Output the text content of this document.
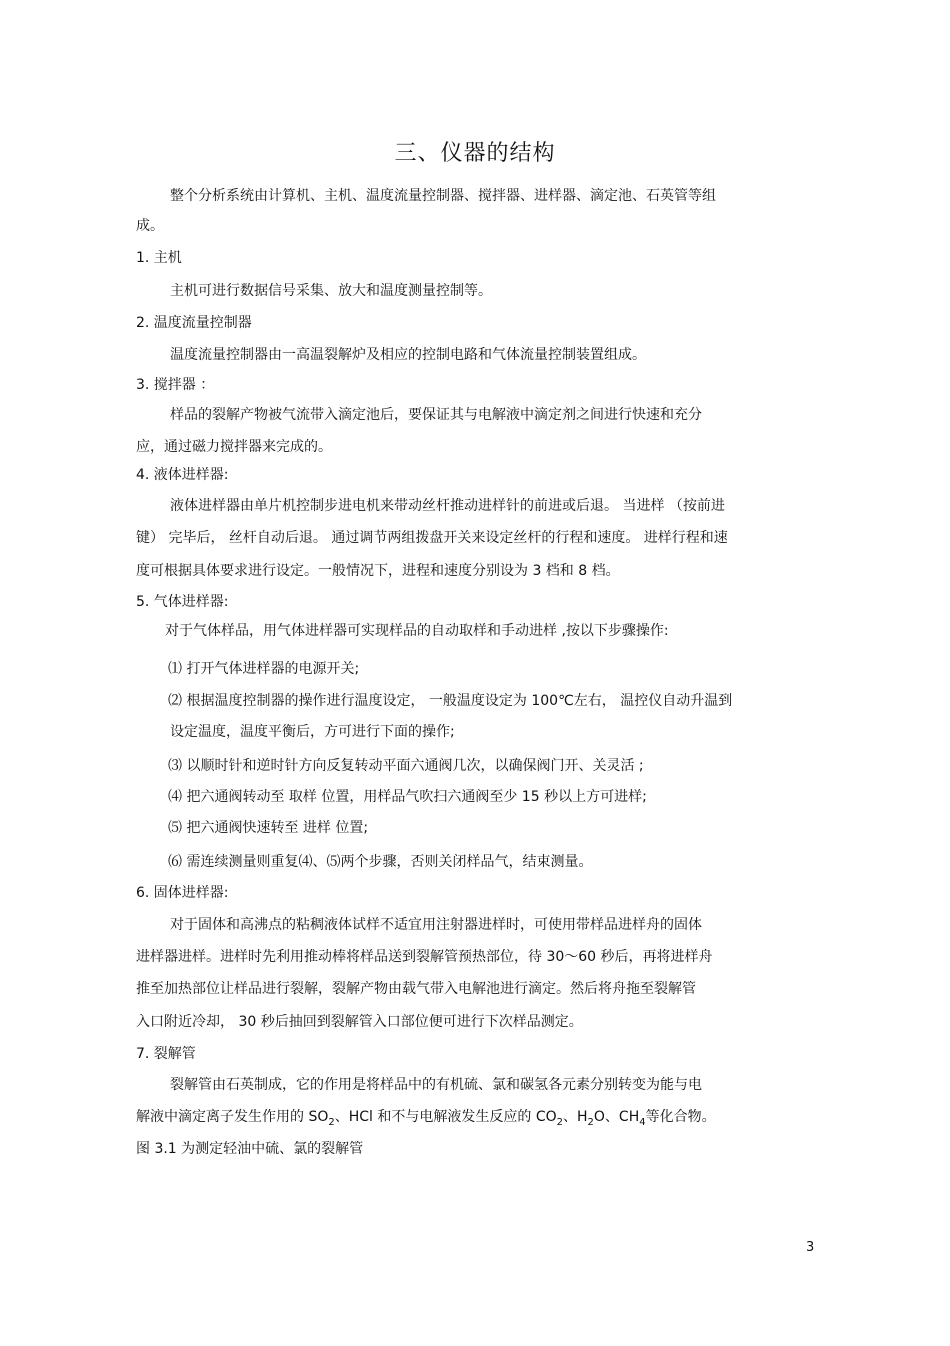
三、仪器的结构
整个分析系统由计算机、主机、温度流量控制器、搅拌器、进样器、滴定池、石英管等组
成。
1. 主机
主机可进行数据信号采集、放大和温度测量控制等。
2. 温度流量控制器
温度流量控制器由一高温裂解炉及相应的控制电路和气体流量控制装置组成。
3. 搅拌器 ：
样品的裂解产物被气流带入滴定池后，要保证其与电解液中滴定剂之间进行快速和充分
应，通过磁力搅拌器来完成的。
4. 液体进样器:
液体进样器由单片机控制步进电机来带动丝杆推动进样针的前进或后退。 当进样 （按前进
键） 完毕后， 丝杆自动后退。 通过调节两组拨盘开关来设定丝杆的行程和速度。 进样行程和速
度可根据具体要求进行设定。一般情况下，进程和速度分别设为 3 档和 8 档。
5. 气体进样器:
对于气体样品，用气体进样器可实现样品的自动取样和手动进样 ,按以下步骤操作:
⑴ 打开气体进样器的电源开关;
⑵ 根据温度控制器的操作进行温度设定， 一般温度设定为 100℃左右， 温控仪自动升温到
设定温度，温度平衡后，方可进行下面的操作;
⑶ 以顺时针和逆时针方向反复转动平面六通阀几次，以确保阀门开、关灵活 ;
⑷ 把六通阀转动至 取样 位置，用样品气吹扫六通阀至少 15 秒以上方可进样;
⑸ 把六通阀快速转至 进样 位置;
⑹ 需连续测量则重复⑷、⑸两个步骤，否则关闭样品气，结束测量。
6. 固体进样器:
对于固体和高沸点的粘稠液体试样不适宜用注射器进样时，可使用带样品进样舟的固体
进样器进样。进样时先利用推动棒将样品送到裂解管预热部位，待 30～60 秒后，再将进样舟
推至加热部位让样品进行裂解，裂解产物由载气带入电解池进行滴定。然后将舟拖至裂解管
入口附近冷却， 30 秒后抽回到裂解管入口部位便可进行下次样品测定。
7. 裂解管
裂解管由石英制成，它的作用是将样品中的有机硫、氯和碳氢各元素分别转变为能与电
解液中滴定离子发生作用的 $SO_2$、HCl 和不与电解液发生反应的 $CO_2$、$H_2O$、$CH_4$等化合物。
图 3.1 为测定轻油中硫、氯的裂解管
3
